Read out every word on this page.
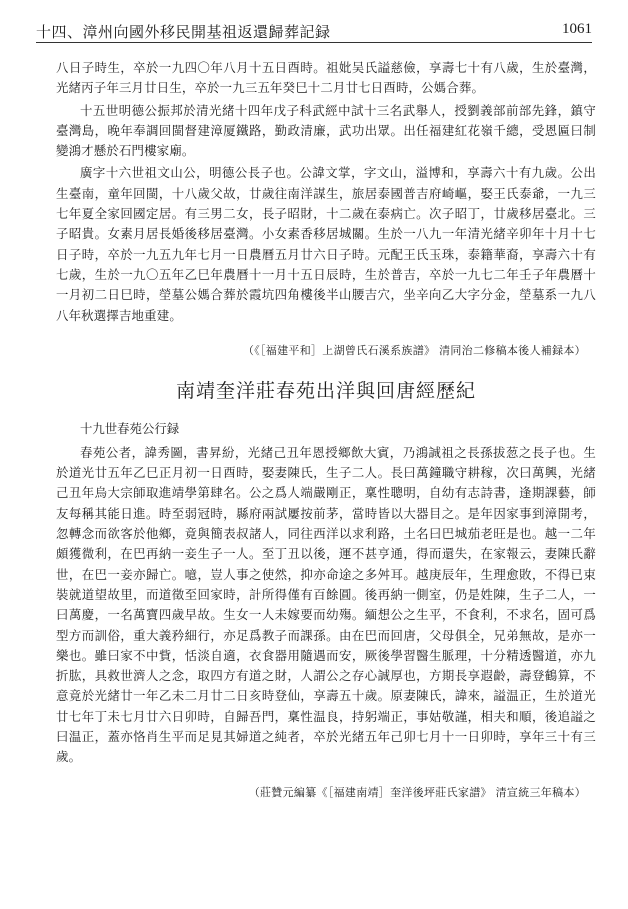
十四、漳州向國外移民開基祖返還歸葬記録	1061

八日子時生，卒於一九四〇年八月十五日酉時。祖妣吴氏謚慈儉，享壽七十有八歲，生於臺灣，光緒丙子年三月廿日生，卒於一九三五年癸巳十二月廿七日酉時，公媽合葬。

十五世明德公振邦於清光緒十四年戊子科武經中試十三名武舉人，授劉義部前部先鋒，鎮守臺灣島，晚年奉調回閩督建漳厦鐵路，勤政清廉，武功出眾。出任福建紅花嶺千總，受恩匾曰制變鴻才懸於石門樓家廟。

廣字十六世祖文山公，明德公長子也。公諱文掌，字文山，溢博和，享壽六十有九歲。公出生臺南，童年回閩，十八歲父故，廿歲往南洋謀生，旅居泰國普吉府崎嶇，娶王氏泰爺，一九三七年夏全家回國定居。有三男二女，長子昭財，十二歲在泰病亡。次子昭丁，廿歲移居臺北。三子昭貴。女素月居長婚後移居臺灣。小女素香移居城關。生於一八九一年清光緒辛卯年十月十七日子時，卒於一九五九年七月一日農曆五月廿六日子時。元配王氏玉珠，泰籍華裔，享壽六十有七歲，生於一九〇五年乙巳年農曆十一月十五日辰時，生於普吉，卒於一九七二年壬子年農曆十一月初二日巳時，塋墓公媽合葬於霞坑四角樓後半山腰吉穴，坐辛向乙大字分金，塋墓系一九八八年秋選擇吉地重建。

（《［福建平和］上湖曾氏石溪系族譜》 清同治二修稿本後人補録本）
南靖奎洋莊春苑出洋與回唐經歷紀
十九世春苑公行録

春苑公者，諱秀圖，書昇紛，光緒己丑年恩授鄉飲大賓，乃鴻誠祖之長孫拔䓤之長子也。生於道光廿五年乙巳正月初一日酉時，娶妻陳氏，生子二人。長曰萬鐘職守耕稼，次曰萬興，光緒己丑年烏大宗師取進靖學第肆名。公之爲人端嚴剛正，稟性聰明，自幼有志詩書，逢期課藝，師友每稱其能日進。時至弱冠時，縣府兩試屢按前茅，當時皆以大器目之。是年因家事到漳開考，忽轉念而欲客於他鄉，竟與簡表叔諸人，同往西洋以求利路，土名曰巴城茄老旺是也。越一二年頗獲微利，在巴再納一妾生子一人。至丁丑以後，運不甚亨通，得而還失，在家報云，妻陳氏辭世，在巴一妾亦歸亡。噫，豈人事之使然，抑亦命途之多舛耳。越庚辰年，生理愈敗，不得已束裝就道望故里，而道徵至回家時，計所得僅有百餘圓。後再納一側室，仍是姓陳，生子二人，一曰萬慶，一名萬寶四歲早故。生女一人未嫁要而幼殤。緬想公之生平，不食利，不求名，固可爲型方而訓俗，重大義矜細行，亦足爲教子而課孫。由在巴而回唐，父母俱全，兄弟無故，是亦一樂也。雖曰家不中貲，恬淡自適，衣食器用隨遇而安，厥後學習醫生脈理，十分精透醫道，亦九折肱，具救世濟人之念，取四方有道之財，人謂公之存心誠厚也，方期長享遐齡，壽登鶴算，不意竟於光緒廿一年乙未二月廿二日亥時登仙，享壽五十歲。原妻陳氏，諱來，謚温正，生於道光廿七年丁未七月廿六日卯時，自歸吾門，稟性温良，持躬端正，事姑敬謹，相夫和順，後追謚之曰温正，蓋亦恪肖生平而足見其婦道之純者，卒於光緒五年己卯七月十一日卯時，享年三十有三歲。

（莊贊元編纂《［福建南靖］奎洋後坪莊氏家譜》 清宣統三年稿本）
